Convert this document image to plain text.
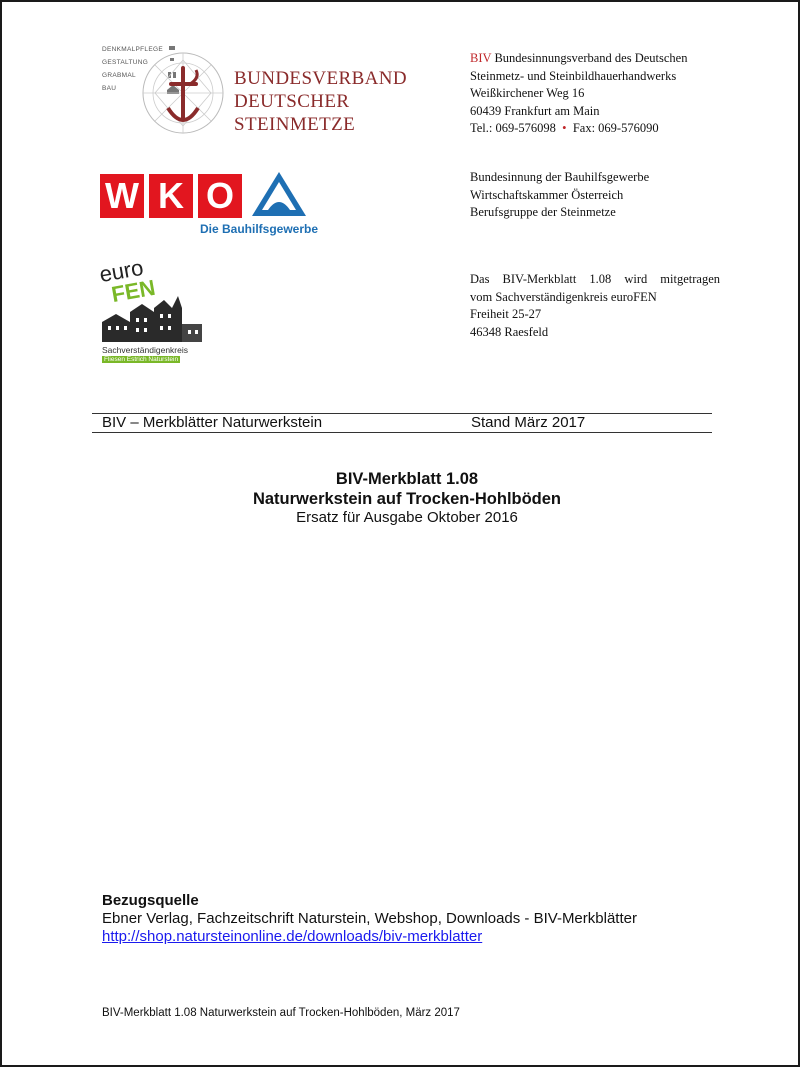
DENKMALPFLEGE
GESTALTUNG
GRABMAL
BAU	BUNDESVERBAND
DEUTSCHER
STEINMETZE
BIV Bundesinnungsverband des Deutschen
Steinmetz- und Steinbildhauerhandwerks
Weißkirchener Weg 16
60439 Frankfurt am Main
Tel.: 069-576098 • Fax: 069-576090
W K O
Die Bauhilfsgewerbe
Bundesinnung der Bauhilfsgewerbe
Wirtschaftskammer Österreich
Berufsgruppe der Steinmetze
euro
FEN
Sachverständigenkreis
Fliesen Estrich Naturstein
Das BIV-Merkblatt 1.08 wird mitgetragen
vom Sachverständigenkreis euroFEN
Freiheit 25-27
46348 Raesfeld
BIV – Merkblätter Naturwerkstein	Stand März 2017
BIV-Merkblatt 1.08
Naturwerkstein auf Trocken-Hohlböden
Ersatz für Ausgabe Oktober 2016
Bezugsquelle
Ebner Verlag, Fachzeitschrift Naturstein, Webshop, Downloads - BIV-Merkblätter
http://shop.natursteinonline.de/downloads/biv-merkblatter
BIV-Merkblatt 1.08 Naturwerkstein auf Trocken-Hohlböden, März 2017
